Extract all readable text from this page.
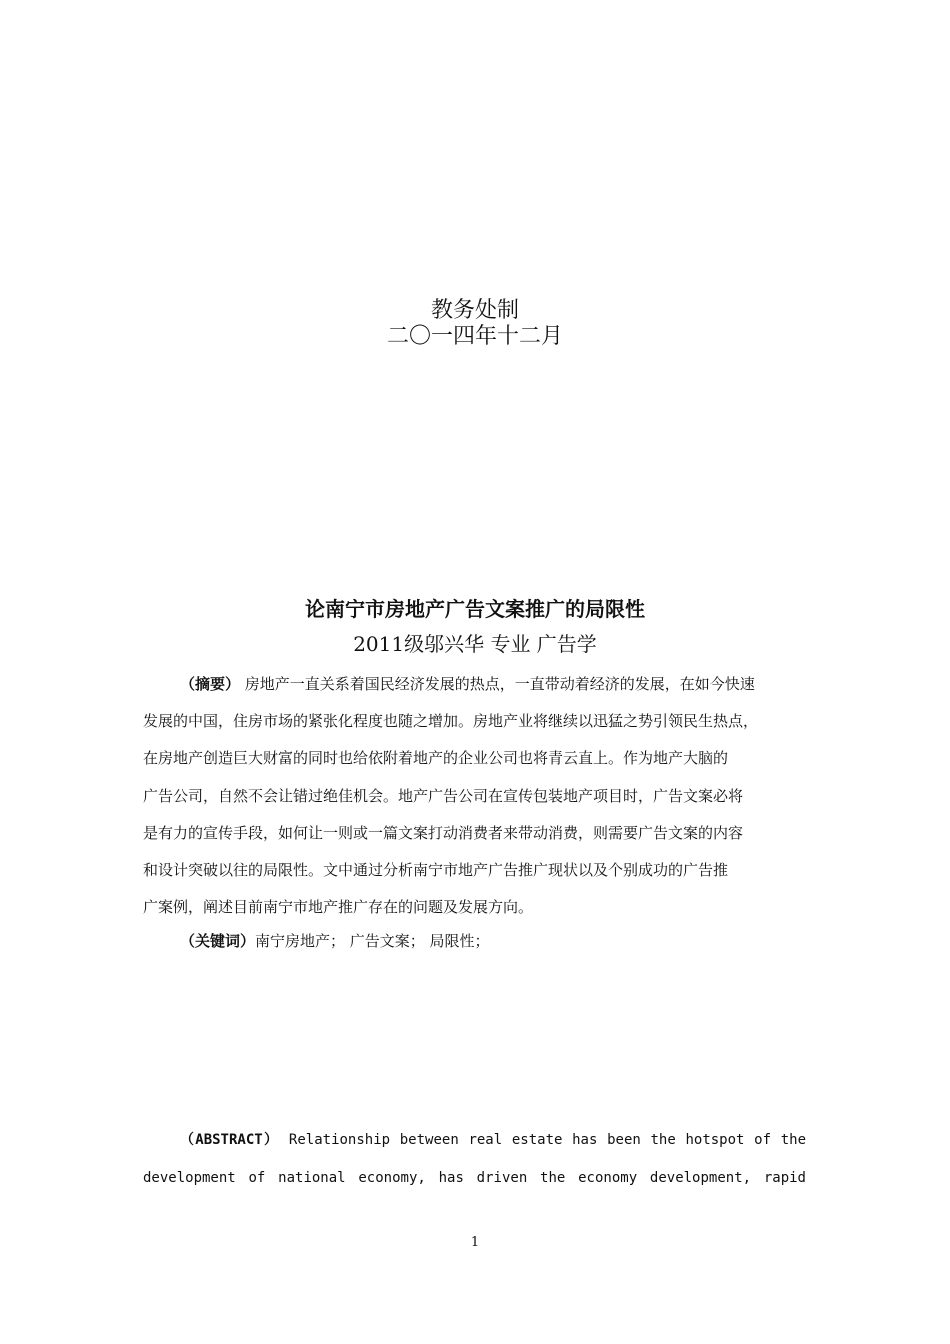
教务处制
二〇一四年十二月
论南宁市房地产广告文案推广的局限性
2011级邬兴华 专业 广告学
（摘要） 房地产一直关系着国民经济发展的热点，一直带动着经济的发展，在如今快速
发展的中国，住房市场的紧张化程度也随之增加。房地产业将继续以迅猛之势引领民生热点，
在房地产创造巨大财富的同时也给依附着地产的企业公司也将青云直上。作为地产大脑的
广告公司，自然不会让错过绝佳机会。地产广告公司在宣传包装地产项目时，广告文案必将
是有力的宣传手段，如何让一则或一篇文案打动消费者来带动消费，则需要广告文案的内容
和设计突破以往的局限性。文中通过分析南宁市地产广告推广现状以及个别成功的广告推
广案例，阐述目前南宁市地产推广存在的问题及发展方向。
（关键词）南宁房地产； 广告文案； 局限性；
（ABSTRACT） Relationship between real estate has been the hotspot of the
development of national economy, has driven the economy development, rapid
1
